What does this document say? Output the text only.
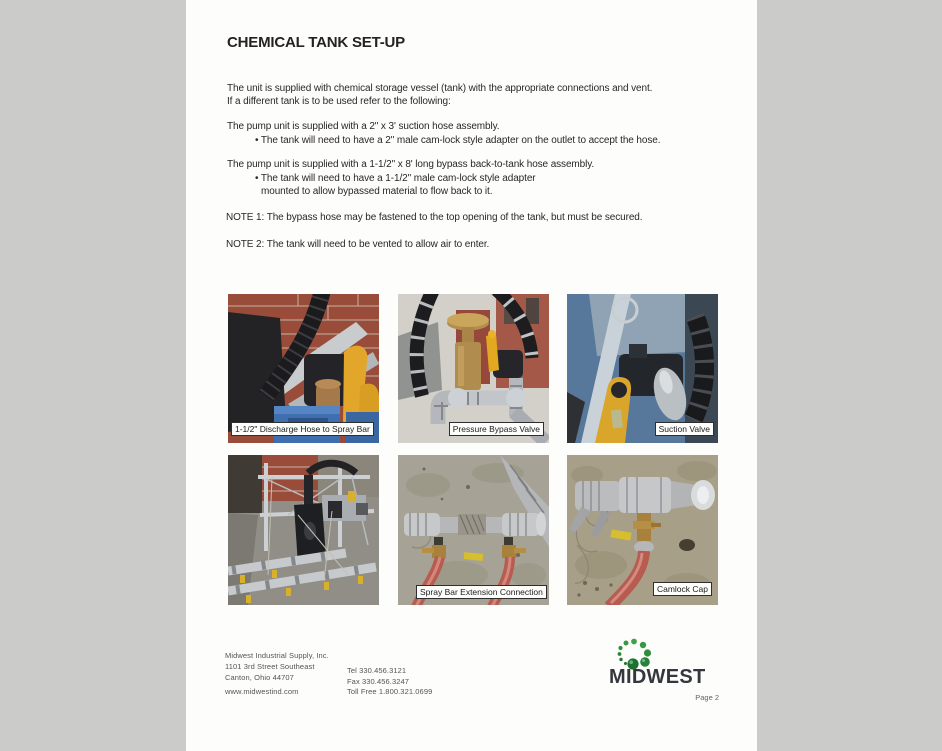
CHEMICAL TANK SET-UP
The unit is supplied with chemical storage vessel (tank) with the appropriate connections and vent.
If a different tank is to be used refer to the following:
The pump unit is supplied with a 2" x 3' suction hose assembly.
• The tank will need to have a 2" male cam-lock style adapter on the outlet to accept the hose.
The pump unit is supplied with a 1-1/2" x 8' long bypass back-to-tank hose assembly.
• The tank will need to have a 1-1/2" male cam-lock style adapter
mounted to allow bypassed material to flow back to it.
NOTE 1: The bypass hose may be fastened to the top opening of the tank, but must be secured.
NOTE 2: The tank will need to be vented to allow air to enter.
1-1/2" Discharge Hose to Spray Bar	Pressure Bypass Valve	Suction Valve
Spray Bar Extension Connection	Camlock Cap
Midwest Industrial Supply, Inc.
1101 3rd Street Southeast
Canton, Ohio 44707
www.midwestind.com
Tel 330.456.3121
Fax 330.456.3247
Toll Free 1.800.321.0699
MIDWEST
Page 2
